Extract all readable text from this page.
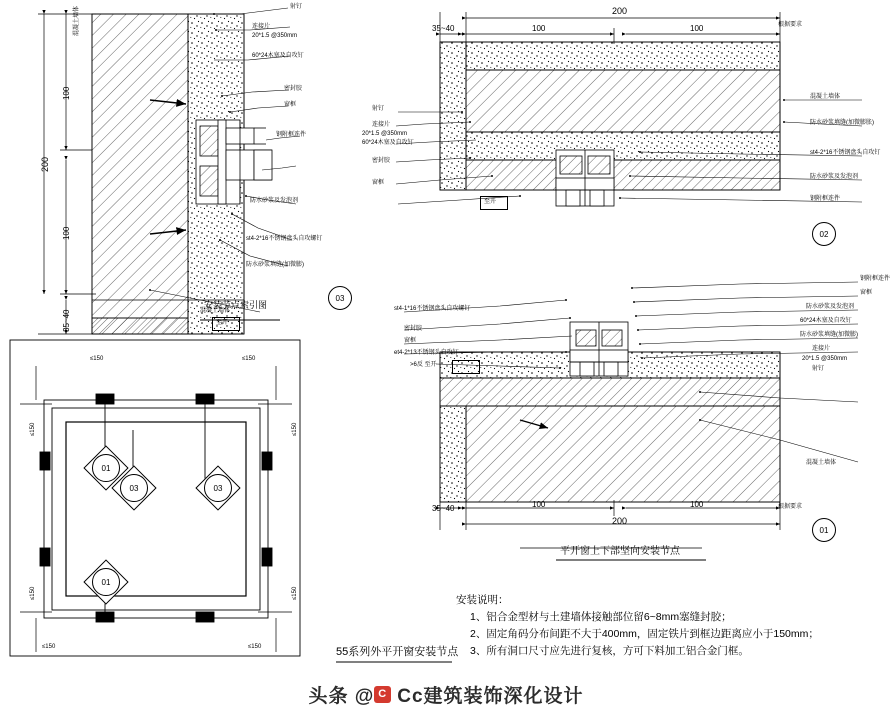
200
100
100
35~40
混凝土墙体	射钉
连接片
20*1.5 @350mm
60*24木塞及自攻钉
密封胶
窗框
钢附框连件
防水砂浆及发泡剂
st4-2*16不锈钢盘头自攻螺钉
防水砂浆填缝(加微膨)
混凝土墙体
至开
03
200
100	100
35~40	根据要求
射钉
连接片
20*1.5 @350mm
60*24木塞及自攻钉
密封胶
窗框
至开
混凝土墙体
防水砂浆填缝(加微膨胀)
st4-2*16不锈钢盘头自攻钉
防水砂浆及发泡剂
钢附框连件
02
200
100	100
35~40	根据要求
st4-1*16不锈钢盘头自攻螺钉
密封胶
窗框
et4-2*13不锈钢头自攻钉
>6反 至开
钢附框连件
窗框
防水砂浆及发泡剂
60*24木塞及自攻钉
防水砂浆填缝(加微膨)
连接片
20*1.5 @350mm
射钉
混凝土墙体
01
平开窗上下部坚向安装节点
安装节点索引图
≤150	≤150
≤150
≤150
≤150
≤150
≤150	≤150
01
03	03
01
55系列外平开窗安装节点
安装说明：
1、铝合金型材与土建墙体接触部位留6~8mm塞缝封胶；
2、固定角码分布间距不大于400mm，固定铁片到框边距离应小于150mm；
3、所有洞口尺寸应先进行复核，方可下料加工铝合金门框。
头条 @ C Cc建筑装饰深化设计
